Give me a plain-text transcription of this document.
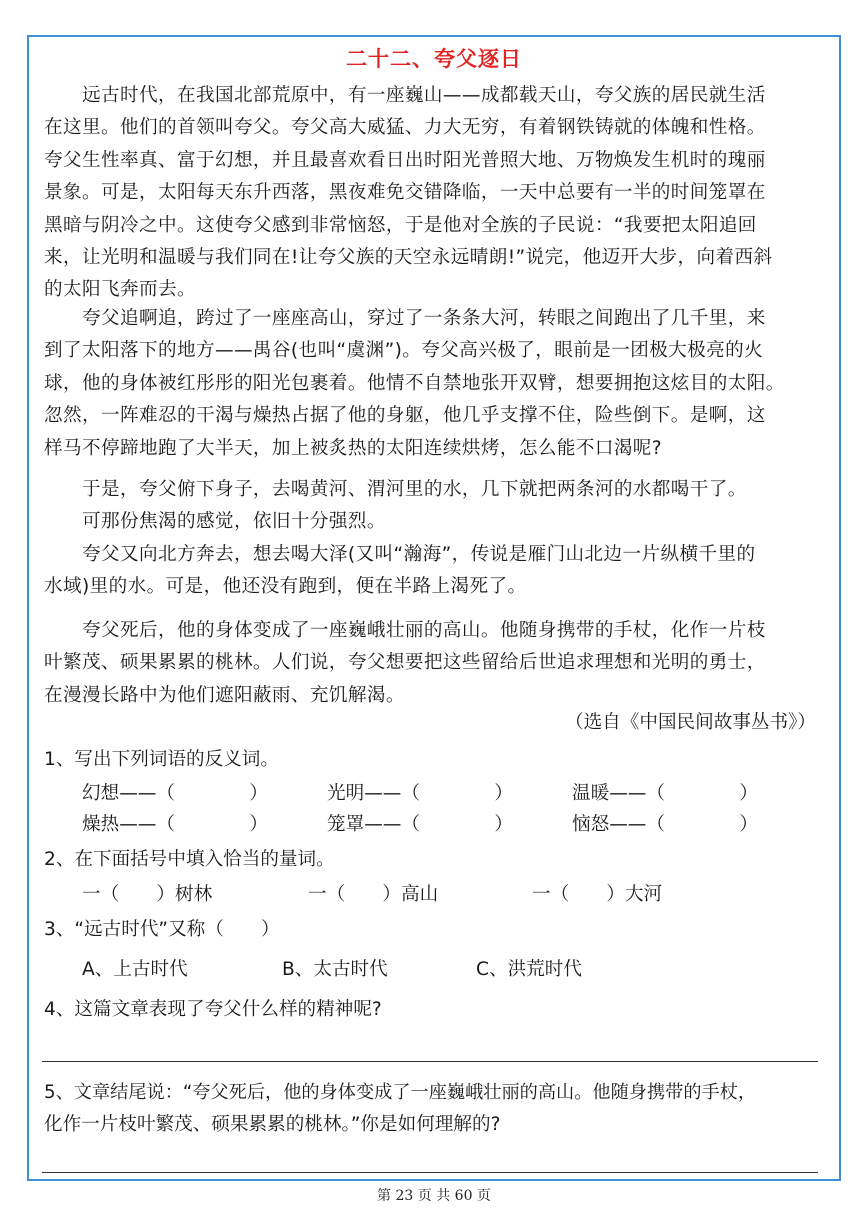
二十二、夸父逐日
　　远古时代，在我国北部荒原中，有一座巍山——成都载天山，夸父族的居民就生活
在这里。他们的首领叫夸父。夸父高大威猛、力大无穷，有着钢铁铸就的体魄和性格。
夸父生性率真、富于幻想，并且最喜欢看日出时阳光普照大地、万物焕发生机时的瑰丽
景象。可是，太阳每天东升西落，黑夜难免交错降临，一天中总要有一半的时间笼罩在
黑暗与阴冷之中。这使夸父感到非常恼怒，于是他对全族的子民说：“我要把太阳追回
来，让光明和温暖与我们同在!让夸父族的天空永远晴朗!”说完，他迈开大步，向着西斜
的太阳飞奔而去。
　　夸父追啊追，跨过了一座座高山，穿过了一条条大河，转眼之间跑出了几千里，来
到了太阳落下的地方——禺谷(也叫“虞渊”)。夸父高兴极了，眼前是一团极大极亮的火
球，他的身体被红彤彤的阳光包裹着。他情不自禁地张开双臂，想要拥抱这炫目的太阳。
忽然，一阵难忍的干渴与燥热占据了他的身躯，他几乎支撑不住，险些倒下。是啊，这
样马不停蹄地跑了大半天，加上被炙热的太阳连续烘烤，怎么能不口渴呢?
　　于是，夸父俯下身子，去喝黄河、渭河里的水，几下就把两条河的水都喝干了。
　　可那份焦渴的感觉，依旧十分强烈。
　　夸父又向北方奔去，想去喝大泽(又叫“瀚海”，传说是雁门山北边一片纵横千里的
水域)里的水。可是，他还没有跑到，便在半路上渴死了。
　　夸父死后，他的身体变成了一座巍峨壮丽的高山。他随身携带的手杖，化作一片枝
叶繁茂、硕果累累的桃林。人们说，夸父想要把这些留给后世追求理想和光明的勇士，
在漫漫长路中为他们遮阳蔽雨、充饥解渴。
（选自《中国民间故事丛书》）
1、写出下列词语的反义词。
幻想——（　　　　）	光明——（　　　　）	温暖——（　　　　）
燥热——（　　　　）	笼罩——（　　　　）	恼怒——（　　　　）
2、在下面括号中填入恰当的量词。
一（　　）树林	一（　　）高山	一（　　）大河
3、“远古时代”又称（　　）
A、上古时代	B、太古时代	C、洪荒时代
4、这篇文章表现了夸父什么样的精神呢?
5、文章结尾说：“夸父死后，他的身体变成了一座巍峨壮丽的高山。他随身携带的手杖，
化作一片枝叶繁茂、硕果累累的桃林。”你是如何理解的?
第 23 页 共 60 页
